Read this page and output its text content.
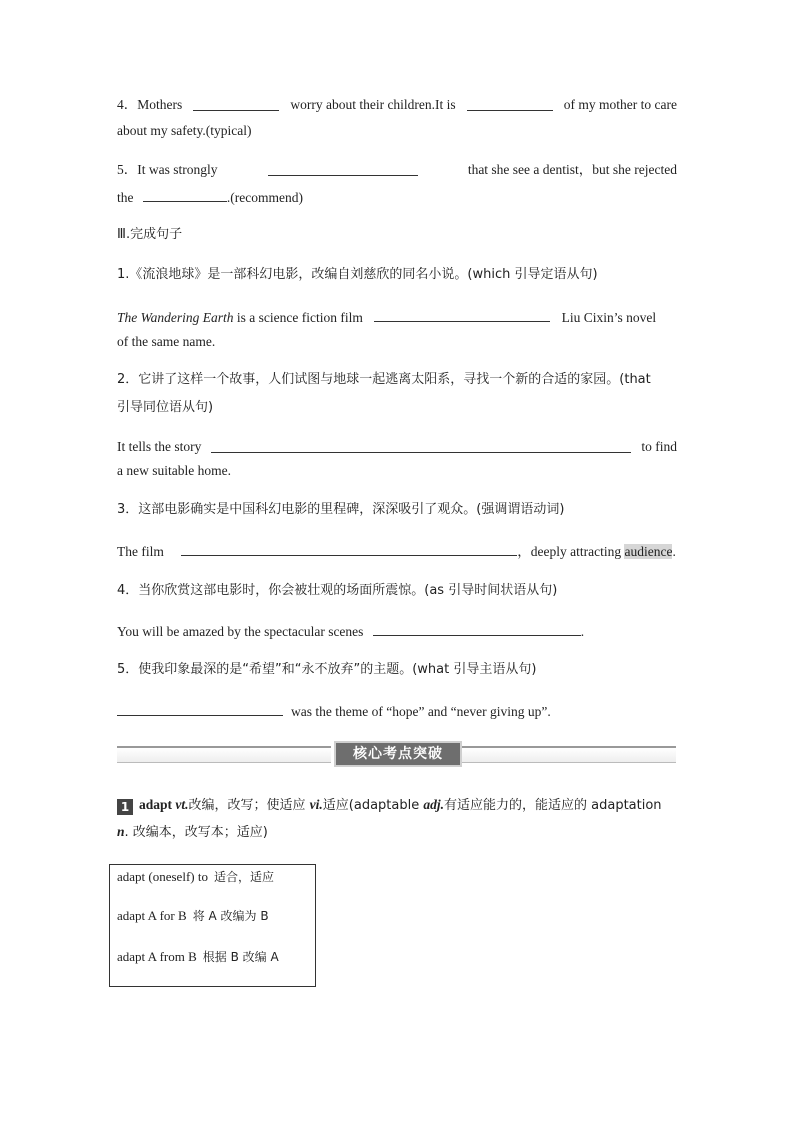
4．Mothers	worry about their children.It is	of my mother to care
about my safety.(typical)
5．It was strongly	that she see a dentist，but she rejected
the	.(recommend)
Ⅲ.完成句子
1.《流浪地球》是一部科幻电影，改编自刘慈欣的同名小说。(which 引导定语从句)
The Wandering Earth is a science fiction film	Liu Cixin’s novel
of the same name.
2．它讲了这样一个故事，人们试图与地球一起逃离太阳系，寻找一个新的合适的家园。(that
引导同位语从句)
It tells the story	to find
a new suitable home.
3．这部电影确实是中国科幻电影的里程碑，深深吸引了观众。(强调谓语动词)
The film	，deeply attracting audience.
4．当你欣赏这部电影时，你会被壮观的场面所震惊。(as 引导时间状语从句)
You will be amazed by the spectacular scenes	.
5．使我印象最深的是“希望”和“永不放弃”的主题。(what 引导主语从句)
was the theme of “hope” and “never giving up”.
核心考点突破
1 adapt vt.改编，改写；使适应 vi.适应(adaptable adj.有适应能力的，能适应的 adaptation
n. 改编本，改写本；适应)
adapt (oneself) to 适合，适应
adapt A for B 将 A 改编为 B
adapt A from B 根据 B 改编 A
